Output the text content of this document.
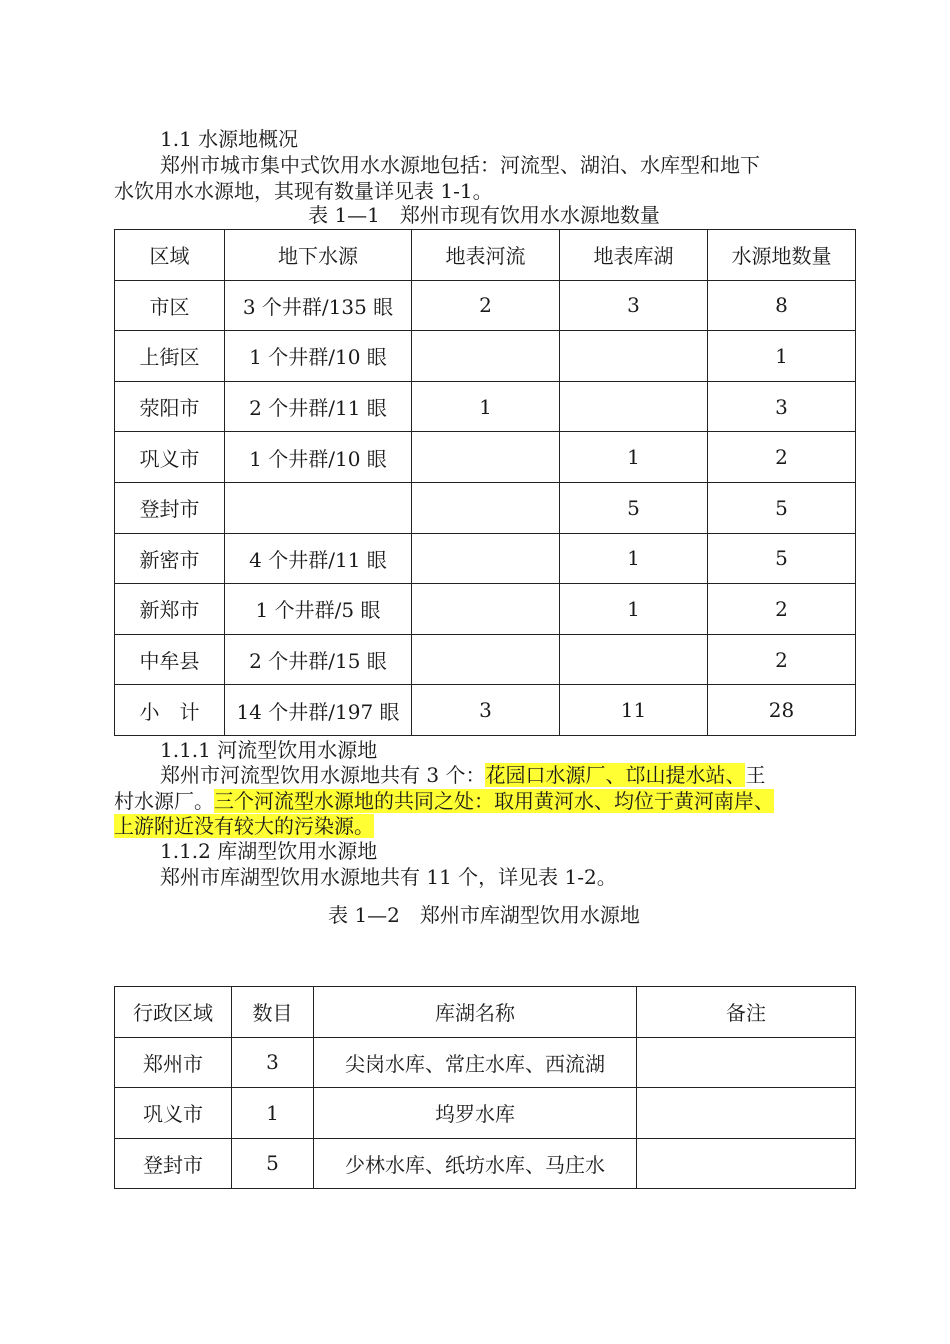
1.1 水源地概况
郑州市城市集中式饮用水水源地包括：河流型、湖泊、水库型和地下
水饮用水水源地，其现有数量详见表 1-1。
表 1—1　郑州市现有饮用水水源地数量
区域	地下水源	地表河流	地表库湖	水源地数量
市区	3 个井群/135 眼	2	3	8
上街区	1 个井群/10 眼			1
荥阳市	2 个井群/11 眼	1		3
巩义市	1 个井群/10 眼		1	2
登封市			5	5
新密市	4 个井群/11 眼		1	5
新郑市	1 个井群/5 眼		1	2
中牟县	2 个井群/15 眼			2
小　计	14 个井群/197 眼	3	11	28
1.1.1 河流型饮用水源地
郑州市河流型饮用水源地共有 3 个：花园口水源厂、邙山提水站、王
村水源厂。三个河流型水源地的共同之处：取用黄河水、均位于黄河南岸、
上游附近没有较大的污染源。
1.1.2 库湖型饮用水源地
郑州市库湖型饮用水源地共有 11 个，详见表 1-2。
表 1—2　郑州市库湖型饮用水源地
行政区域	数目	库湖名称	备注
郑州市	3	尖岗水库、常庄水库、西流湖	
巩义市	1	坞罗水库	
登封市	5	少林水库、纸坊水库、马庄水	
